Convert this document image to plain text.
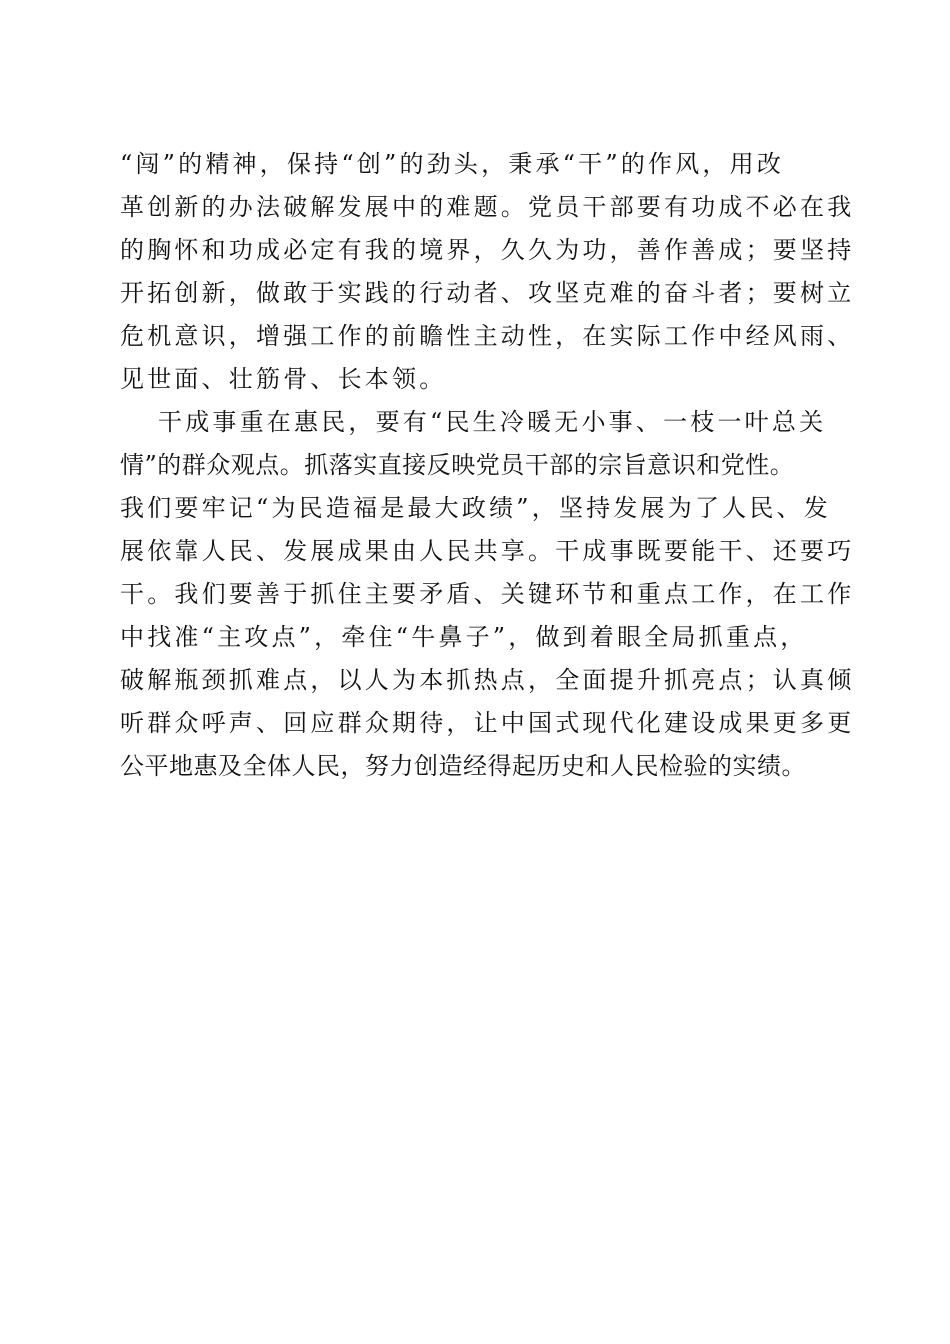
“闯”的精神，保持“创”的劲头，秉承“干”的作风，用改
革创新的办法破解发展中的难题。党员干部要有功成不必在我
的胸怀和功成必定有我的境界，久久为功，善作善成；要坚持
开拓创新，做敢于实践的行动者、攻坚克难的奋斗者；要树立
危机意识，增强工作的前瞻性主动性，在实际工作中经风雨、
见世面、壮筋骨、长本领。
干成事重在惠民，要有“民生冷暖无小事、一枝一叶总关
情”的群众观点。抓落实直接反映党员干部的宗旨意识和党性。
我们要牢记“为民造福是最大政绩”，坚持发展为了人民、发
展依靠人民、发展成果由人民共享。干成事既要能干、还要巧
干。我们要善于抓住主要矛盾、关键环节和重点工作，在工作
中找准“主攻点”，牵住“牛鼻子”，做到着眼全局抓重点，
破解瓶颈抓难点，以人为本抓热点，全面提升抓亮点；认真倾
听群众呼声、回应群众期待，让中国式现代化建设成果更多更
公平地惠及全体人民，努力创造经得起历史和人民检验的实绩。
